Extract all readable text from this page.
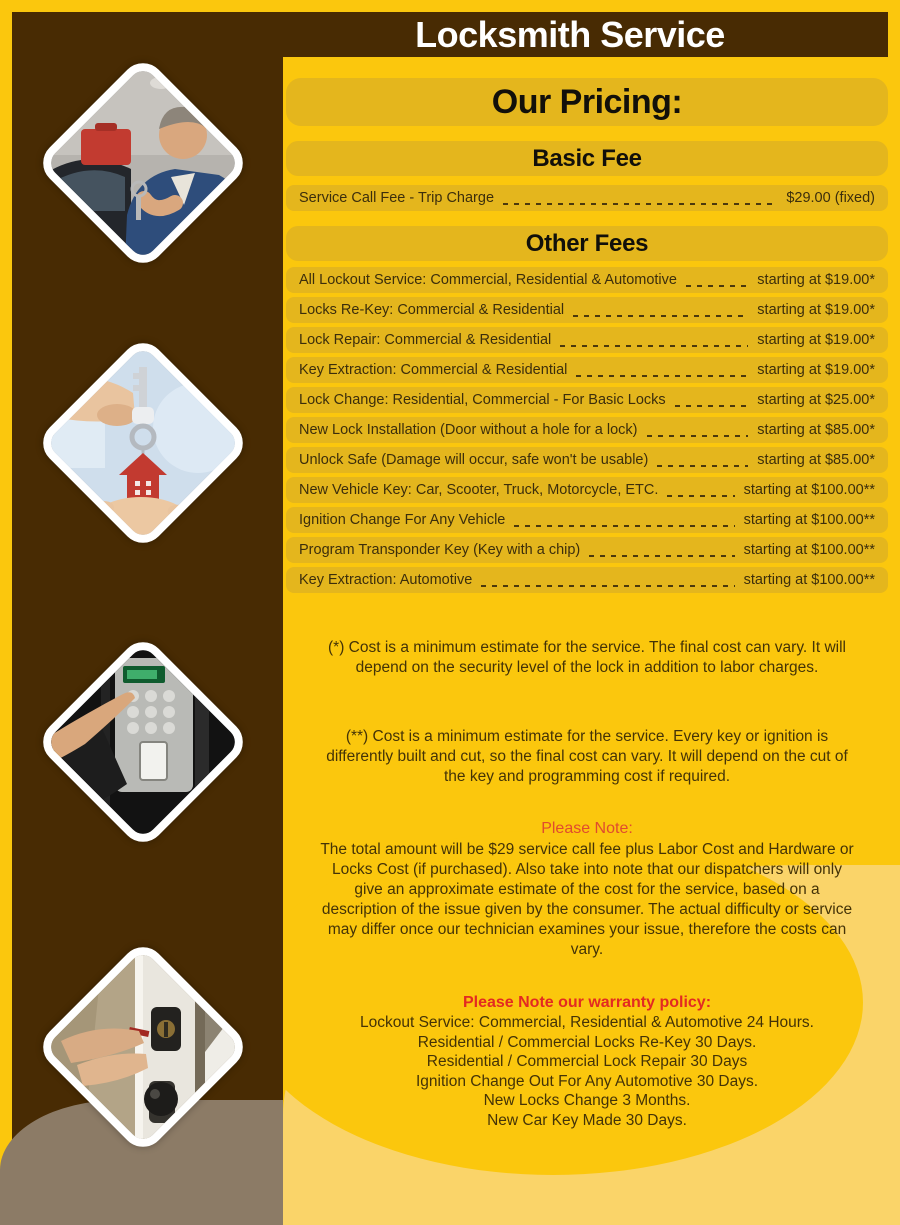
Locksmith Service
Our Pricing:
Basic Fee
Service Call Fee - Trip Charge	$29.00 (fixed)
Other Fees
All Lockout Service: Commercial, Residential & Automotive	starting at $19.00*
Locks Re-Key: Commercial & Residential	starting at $19.00*
Lock Repair: Commercial & Residential	starting at $19.00*
Key Extraction: Commercial & Residential	starting at $19.00*
Lock Change: Residential, Commercial - For Basic Locks	starting at $25.00*
New Lock Installation (Door without a hole for a lock)	starting at $85.00*
Unlock Safe (Damage will occur, safe won't be usable)	starting at $85.00*
New Vehicle Key: Car, Scooter, Truck, Motorcycle, ETC.	starting at $100.00**
Ignition Change For Any Vehicle	starting at $100.00**
Program Transponder Key (Key with a chip)	starting at $100.00**
Key Extraction: Automotive	starting at $100.00**
(*) Cost is a minimum estimate for the service. The final cost can vary. It will depend on the security level of the lock in addition to labor charges.
(**) Cost is a minimum estimate for the service. Every key or ignition is differently built and cut, so the final cost can vary. It will depend on the cut of the key and programming cost if required.
Please Note:
The total amount will be $29 service call fee plus Labor Cost and Hardware or Locks Cost (if purchased). Also take into note that our dispatchers will only give an approximate estimate of the cost for the service, based on a description of the issue given by the consumer. The actual difficulty or service may differ once our technician examines your issue, therefore the costs can vary.
Please Note our warranty policy:
Lockout Service: Commercial, Residential & Automotive 24 Hours.
Residential / Commercial Locks Re-Key 30 Days.
Residential / Commercial Lock Repair 30 Days
Ignition Change Out For Any Automotive 30 Days.
New Locks Change 3 Months.
New Car Key Made 30 Days.
